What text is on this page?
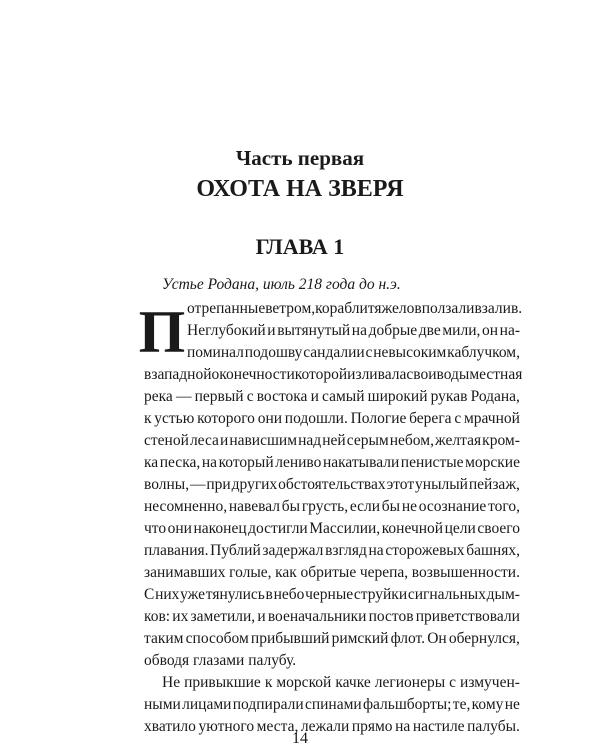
Часть первая
ОХОТА НА ЗВЕРЯ
ГЛАВА 1
Устье Родана, июль 218 года до н.э.
П отрепанные ветром, корабли тяжело вползали в залив.
Неглубокий и вытянутый на добрые две мили, он на-
поминал подошву сандалии с невысоким каблучком,
в западной оконечности которой изливала свои воды местная
река — первый с востока и самый широкий рукав Родана,
к устью которого они подошли. Пологие берега с мрачной
стеной леса и нависшим над ней серым небом, желтая кром-
ка песка, на который лениво накатывали пенистые морские
волны, — при других обстоятельствах этот унылый пейзаж,
несомненно, навевал бы грусть, если бы не осознание того,
что они наконец достигли Массилии, конечной цели своего
плавания. Публий задержал взгляд на сторожевых башнях,
занимавших голые, как обритые черепа, возвышенности.
С них уже тянулись в небо черные струйки сигнальных дым-
ков: их заметили, и военачальники постов приветствовали
таким способом прибывший римский флот. Он обернулся,
обводя глазами палубу.
Не привыкшие к морской качке легионеры с измучен-
ными лицами подпирали спинами фальшборты; те, кому не
хватило уютного места, лежали прямо на настиле палубы.
14
